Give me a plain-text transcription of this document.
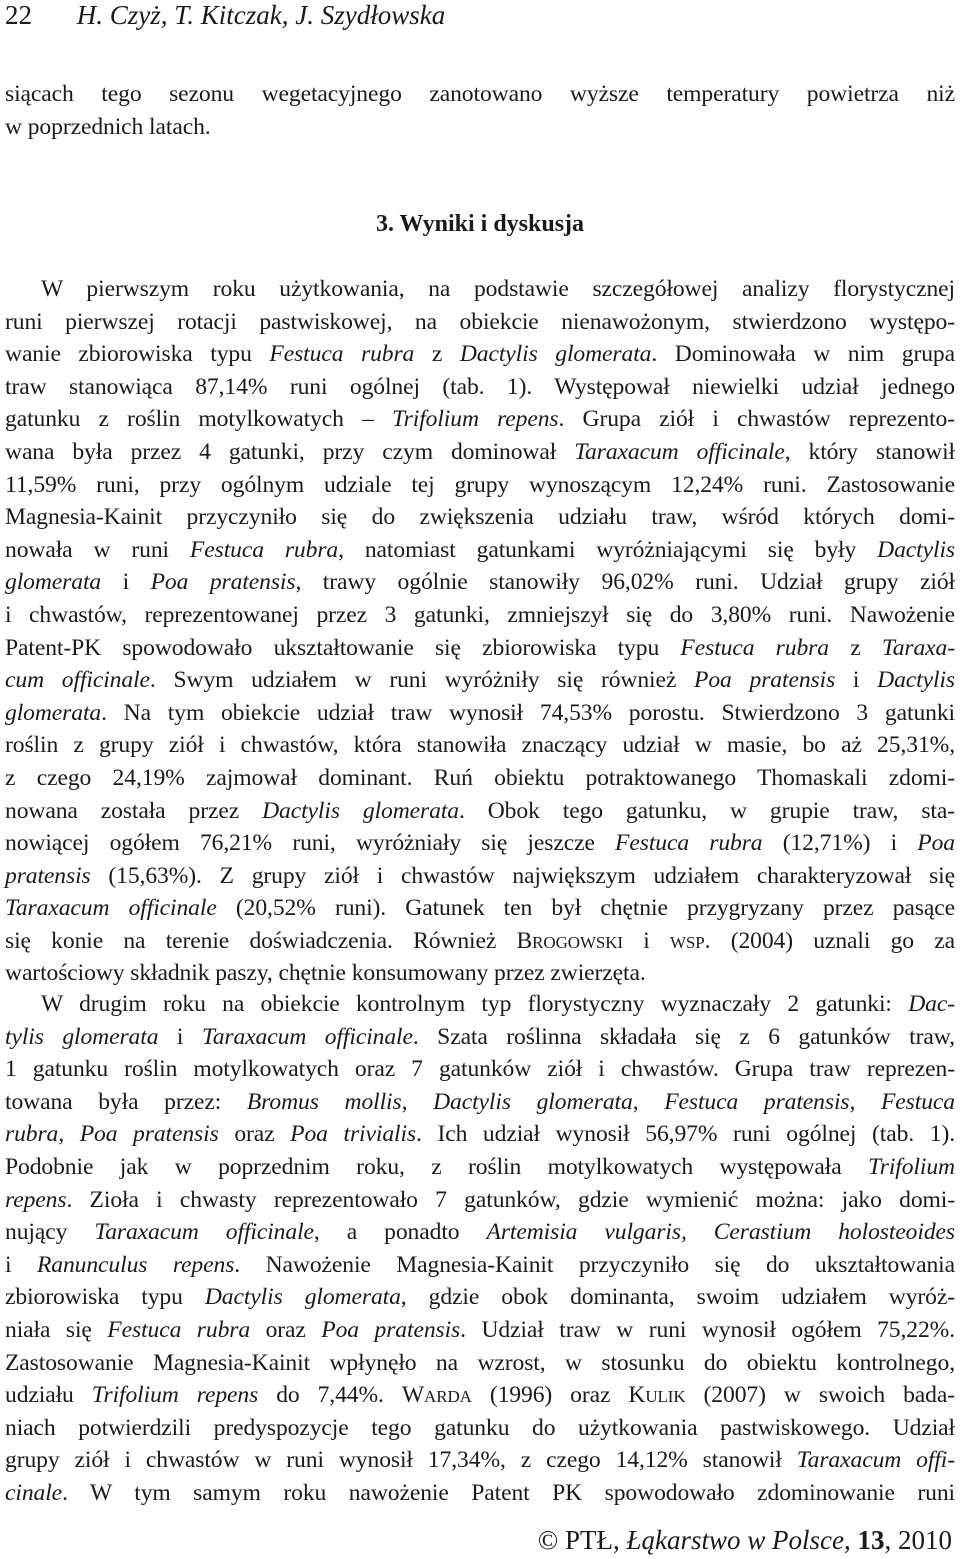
22 H. Czyż, T. Kitczak, J. Szydłowska
siącach tego sezonu wegetacyjnego zanotowano wyższe temperatury powietrza niż
w poprzednich latach.
3. Wyniki i dyskusja
W pierwszym roku użytkowania, na podstawie szczegółowej analizy florystycznej
runi pierwszej rotacji pastwiskowej, na obiekcie nienawożonym, stwierdzono występo-
wanie zbiorowiska typu Festuca rubra z Dactylis glomerata. Dominowała w nim grupa
traw stanowiąca 87,14% runi ogólnej (tab. 1). Występował niewielki udział jednego
gatunku z roślin motylkowatych – Trifolium repens. Grupa ziół i chwastów reprezento-
wana była przez 4 gatunki, przy czym dominował Taraxacum officinale, który stanowił
11,59% runi, przy ogólnym udziale tej grupy wynoszącym 12,24% runi. Zastosowanie
Magnesia-Kainit przyczyniło się do zwiększenia udziału traw, wśród których domi-
nowała w runi Festuca rubra, natomiast gatunkami wyróżniającymi się były Dactylis
glomerata i Poa pratensis, trawy ogólnie stanowiły 96,02% runi. Udział grupy ziół
i chwastów, reprezentowanej przez 3 gatunki, zmniejszył się do 3,80% runi. Nawożenie
Patent-PK spowodowało ukształtowanie się zbiorowiska typu Festuca rubra z Taraxa-
cum officinale. Swym udziałem w runi wyróżniły się również Poa pratensis i Dactylis
glomerata. Na tym obiekcie udział traw wynosił 74,53% porostu. Stwierdzono 3 gatunki
roślin z grupy ziół i chwastów, która stanowiła znaczący udział w masie, bo aż 25,31%,
z czego 24,19% zajmował dominant. Ruń obiektu potraktowanego Thomaskali zdomi-
nowana została przez Dactylis glomerata. Obok tego gatunku, w grupie traw, sta-
nowiącej ogółem 76,21% runi, wyróżniały się jeszcze Festuca rubra (12,71%) i Poa
pratensis (15,63%). Z grupy ziół i chwastów największym udziałem charakteryzował się
Taraxacum officinale (20,52% runi). Gatunek ten był chętnie przygryzany przez pasące
się konie na terenie doświadczenia. Również Brogowski i wsp. (2004) uznali go za
wartościowy składnik paszy, chętnie konsumowany przez zwierzęta.
W drugim roku na obiekcie kontrolnym typ florystyczny wyznaczały 2 gatunki: Dac-
tylis glomerata i Taraxacum officinale. Szata roślinna składała się z 6 gatunków traw,
1 gatunku roślin motylkowatych oraz 7 gatunków ziół i chwastów. Grupa traw reprezen-
towana była przez: Bromus mollis, Dactylis glomerata, Festuca pratensis, Festuca
rubra, Poa pratensis oraz Poa trivialis. Ich udział wynosił 56,97% runi ogólnej (tab. 1).
Podobnie jak w poprzednim roku, z roślin motylkowatych występowała Trifolium
repens. Zioła i chwasty reprezentowało 7 gatunków, gdzie wymienić można: jako domi-
nujący Taraxacum officinale, a ponadto Artemisia vulgaris, Cerastium holosteoides
i Ranunculus repens. Nawożenie Magnesia-Kainit przyczyniło się do ukształtowania
zbiorowiska typu Dactylis glomerata, gdzie obok dominanta, swoim udziałem wyróż-
niała się Festuca rubra oraz Poa pratensis. Udział traw w runi wynosił ogółem 75,22%.
Zastosowanie Magnesia-Kainit wpłynęło na wzrost, w stosunku do obiektu kontrolnego,
udziału Trifolium repens do 7,44%. Warda (1996) oraz Kulik (2007) w swoich bada-
niach potwierdzili predyspozycje tego gatunku do użytkowania pastwiskowego. Udział
grupy ziół i chwastów w runi wynosił 17,34%, z czego 14,12% stanowił Taraxacum offi-
cinale. W tym samym roku nawożenie Patent PK spowodowało zdominowanie runi
© PTŁ, Łąkarstwo w Polsce, 13, 2010
